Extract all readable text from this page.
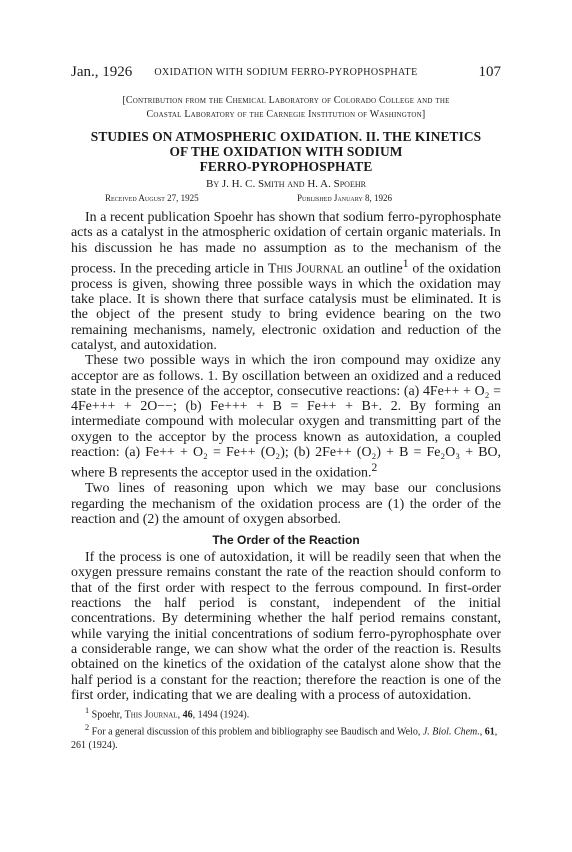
Jan., 1926	OXIDATION WITH SODIUM FERRO-PYROPHOSPHATE	107
[Contribution from the Chemical Laboratory of Colorado College and the
Coastal Laboratory of the Carnegie Institution of Washington]
STUDIES ON ATMOSPHERIC OXIDATION. II. THE KINETICS
OF THE OXIDATION WITH SODIUM
FERRO-PYROPHOSPHATE
By J. H. C. Smith and H. A. Spoehr
Received August 27, 1925	Published January 8, 1926

In a recent publication Spoehr has shown that sodium ferro-pyrophosphate acts as a catalyst in the atmospheric oxidation of certain organic materials. In his discussion he has made no assumption as to the mechanism of the process. In the preceding article in This Journal an outline$^1$ of the oxidation process is given, showing three possible ways in which the oxidation may take place. It is shown there that surface catalysis must be eliminated. It is the object of the present study to bring evidence bearing on the two remaining mechanisms, namely, electronic oxidation and reduction of the catalyst, and autoxidation.

These two possible ways in which the iron compound may oxidize any acceptor are as follows. 1. By oscillation between an oxidized and a reduced state in the presence of the acceptor, consecutive reactions: (a) 4Fe++ + O₂ = 4Fe+++ + 2O−−; (b) Fe+++ + B = Fe++ + B+. 2. By forming an intermediate compound with molecular oxygen and transmitting part of the oxygen to the acceptor by the process known as autoxidation, a coupled reaction: (a) Fe++ + O₂ = Fe++ (O₂); (b) 2Fe++ (O₂) + B = Fe₂O₃ + BO, where B represents the acceptor used in the oxidation.$^2$

Two lines of reasoning upon which we may base our conclusions regarding the mechanism of the oxidation process are (1) the order of the reaction and (2) the amount of oxygen absorbed.

The Order of the Reaction

If the process is one of autoxidation, it will be readily seen that when the oxygen pressure remains constant the rate of the reaction should conform to that of the first order with respect to the ferrous compound. In first-order reactions the half period is constant, independent of the initial concentrations. By determining whether the half period remains constant, while varying the initial concentrations of sodium ferro-pyrophosphate over a considerable range, we can show what the order of the reaction is. Results obtained on the kinetics of the oxidation of the catalyst alone show that the half period is a constant for the reaction; therefore the reaction is one of the first order, indicating that we are dealing with a process of autoxidation.

$^1$ Spoehr, This Journal, 46, 1494 (1924).

$^2$ For a general discussion of this problem and bibliography see Baudisch and Welo, J. Biol. Chem., 61, 261 (1924).
